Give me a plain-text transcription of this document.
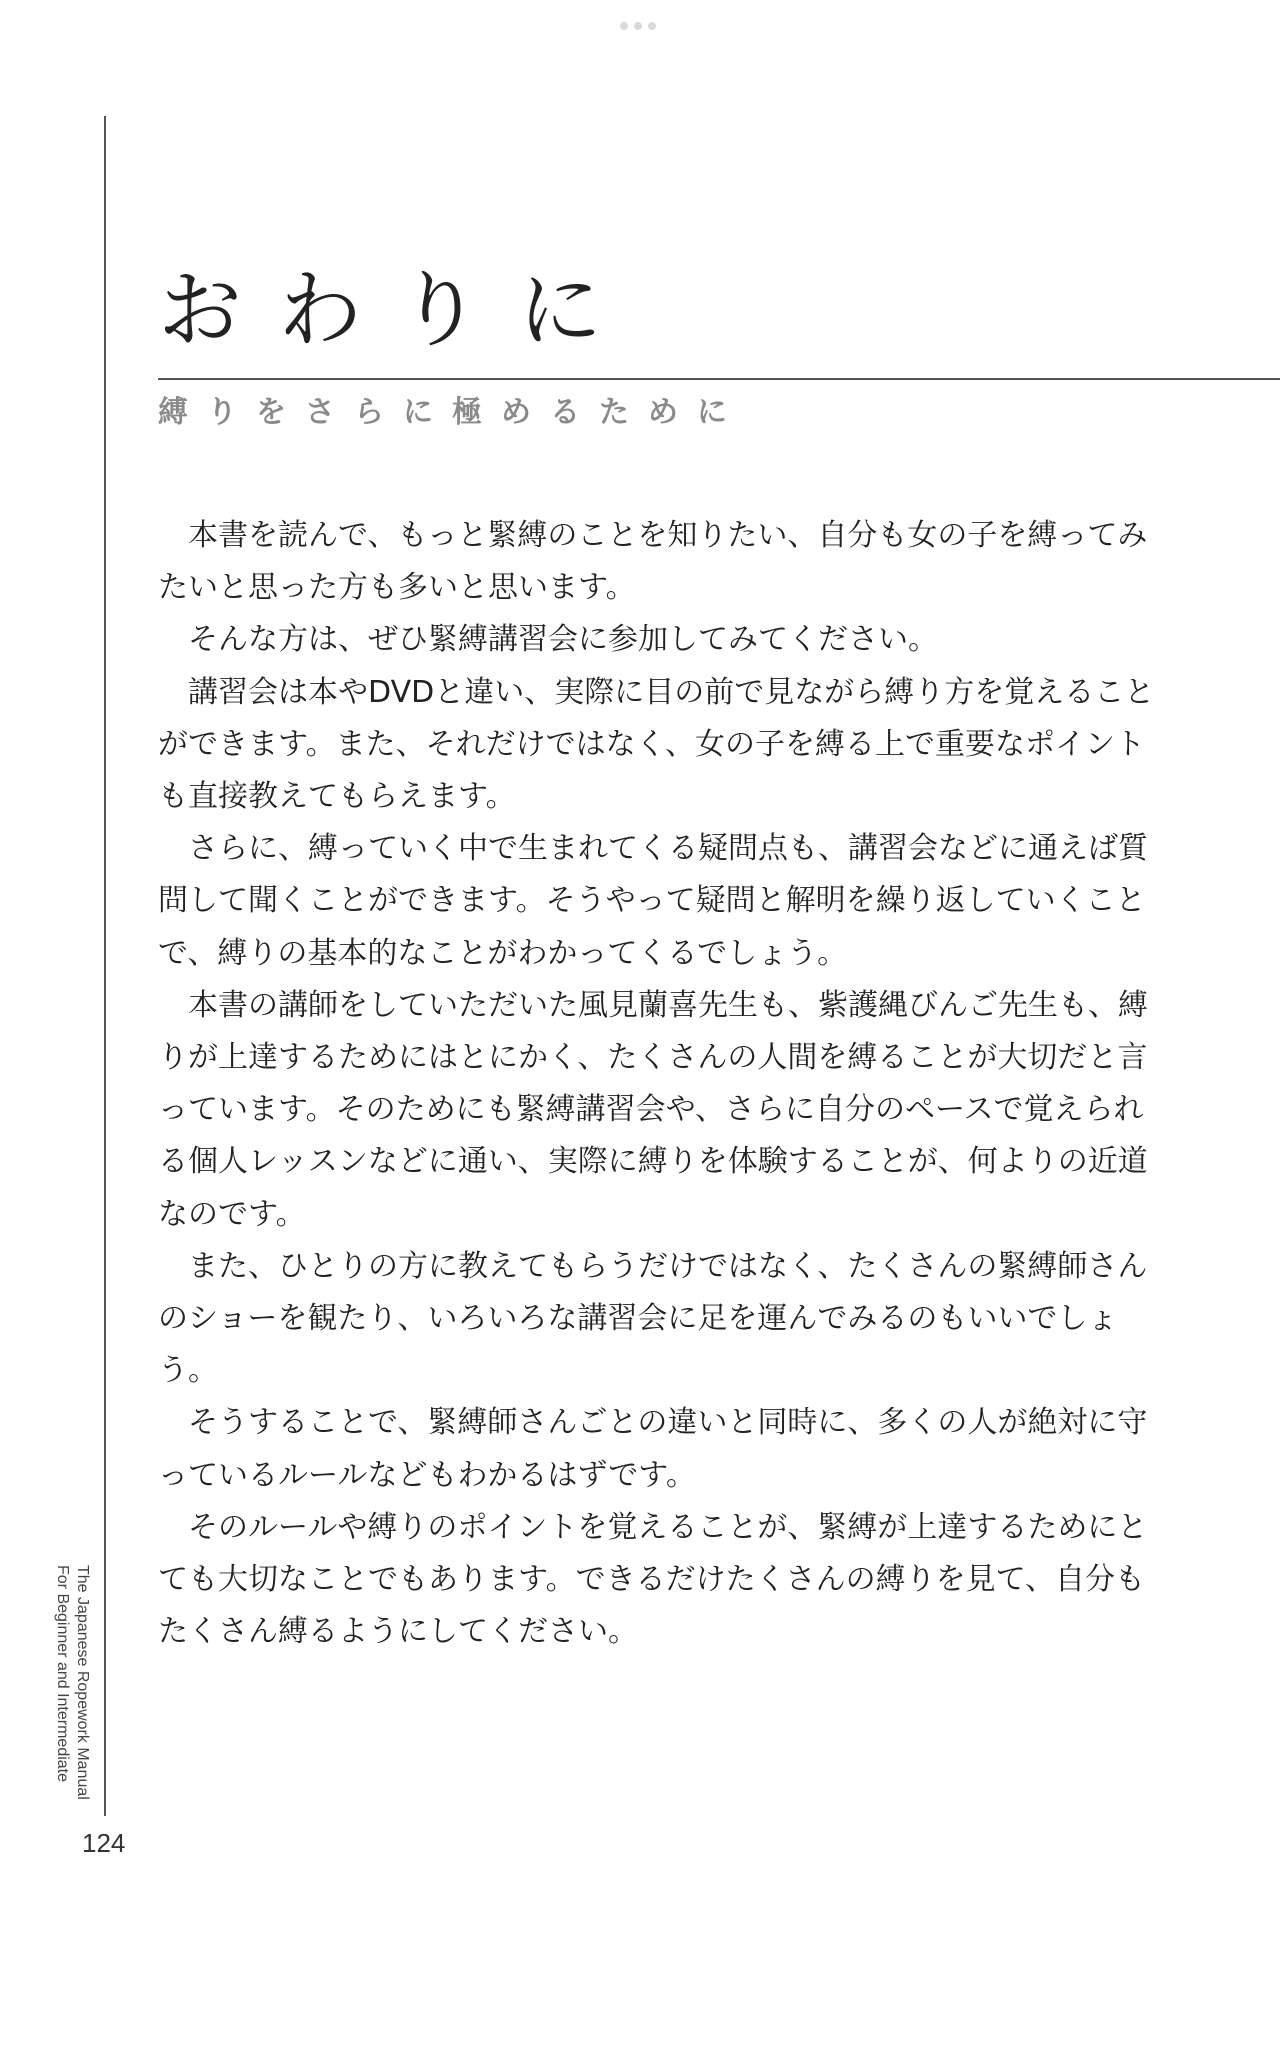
おわりに
縛りをさらに極めるために

本書を読んで、もっと緊縛のことを知りたい、自分も女の子を縛ってみたいと思った方も多いと思います。

そんな方は、ぜひ緊縛講習会に参加してみてください。

講習会は本やDVDと違い、実際に目の前で見ながら縛り方を覚えることができます。また、それだけではなく、女の子を縛る上で重要なポイントも直接教えてもらえます。

さらに、縛っていく中で生まれてくる疑問点も、講習会などに通えば質問して聞くことができます。そうやって疑問と解明を繰り返していくことで、縛りの基本的なことがわかってくるでしょう。

本書の講師をしていただいた風見蘭喜先生も、紫護縄びんご先生も、縛りが上達するためにはとにかく、たくさんの人間を縛ることが大切だと言っています。そのためにも緊縛講習会や、さらに自分のペースで覚えられる個人レッスンなどに通い、実際に縛りを体験することが、何よりの近道なのです。

また、ひとりの方に教えてもらうだけではなく、たくさんの緊縛師さんのショーを観たり、いろいろな講習会に足を運んでみるのもいいでしょう。

そうすることで、緊縛師さんごとの違いと同時に、多くの人が絶対に守っているルールなどもわかるはずです。

そのルールや縛りのポイントを覚えることが、緊縛が上達するためにとても大切なことでもあります。できるだけたくさんの縛りを見て、自分もたくさん縛るようにしてください。

The Japanese Ropework Manual
For Beginner and Intermediate
124
